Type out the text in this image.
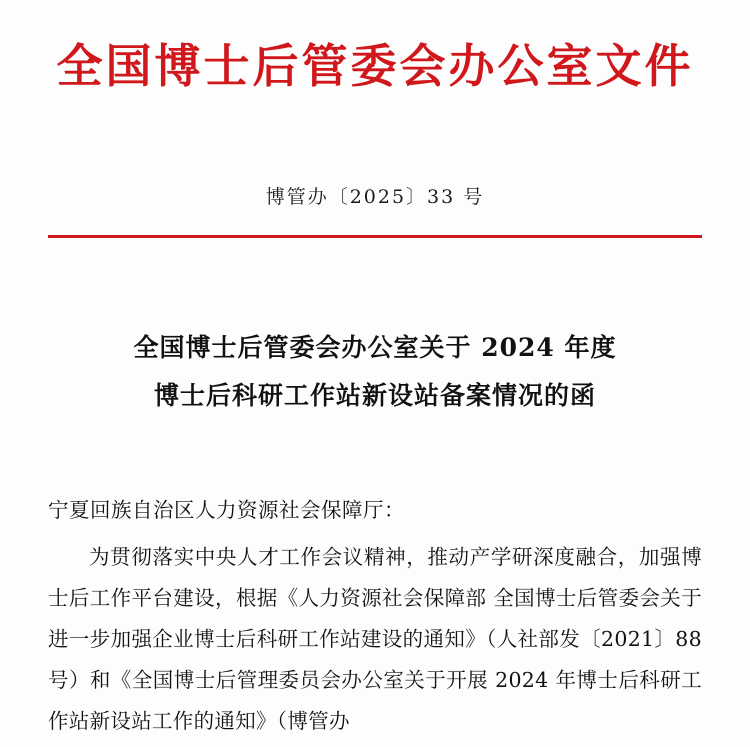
全国博士后管委会办公室文件
博管办〔2025〕33 号
全国博士后管委会办公室关于 2024 年度
博士后科研工作站新设站备案情况的函
宁夏回族自治区人力资源社会保障厅：

为贯彻落实中央人才工作会议精神，推动产学研深度融合，加强博士后工作平台建设，根据《人力资源社会保障部 全国博士后管委会关于进一步加强企业博士后科研工作站建设的通知》（人社部发〔2021〕88 号）和《全国博士后管理委员会办公室关于开展 2024 年博士后科研工作站新设站工作的通知》（博管办
